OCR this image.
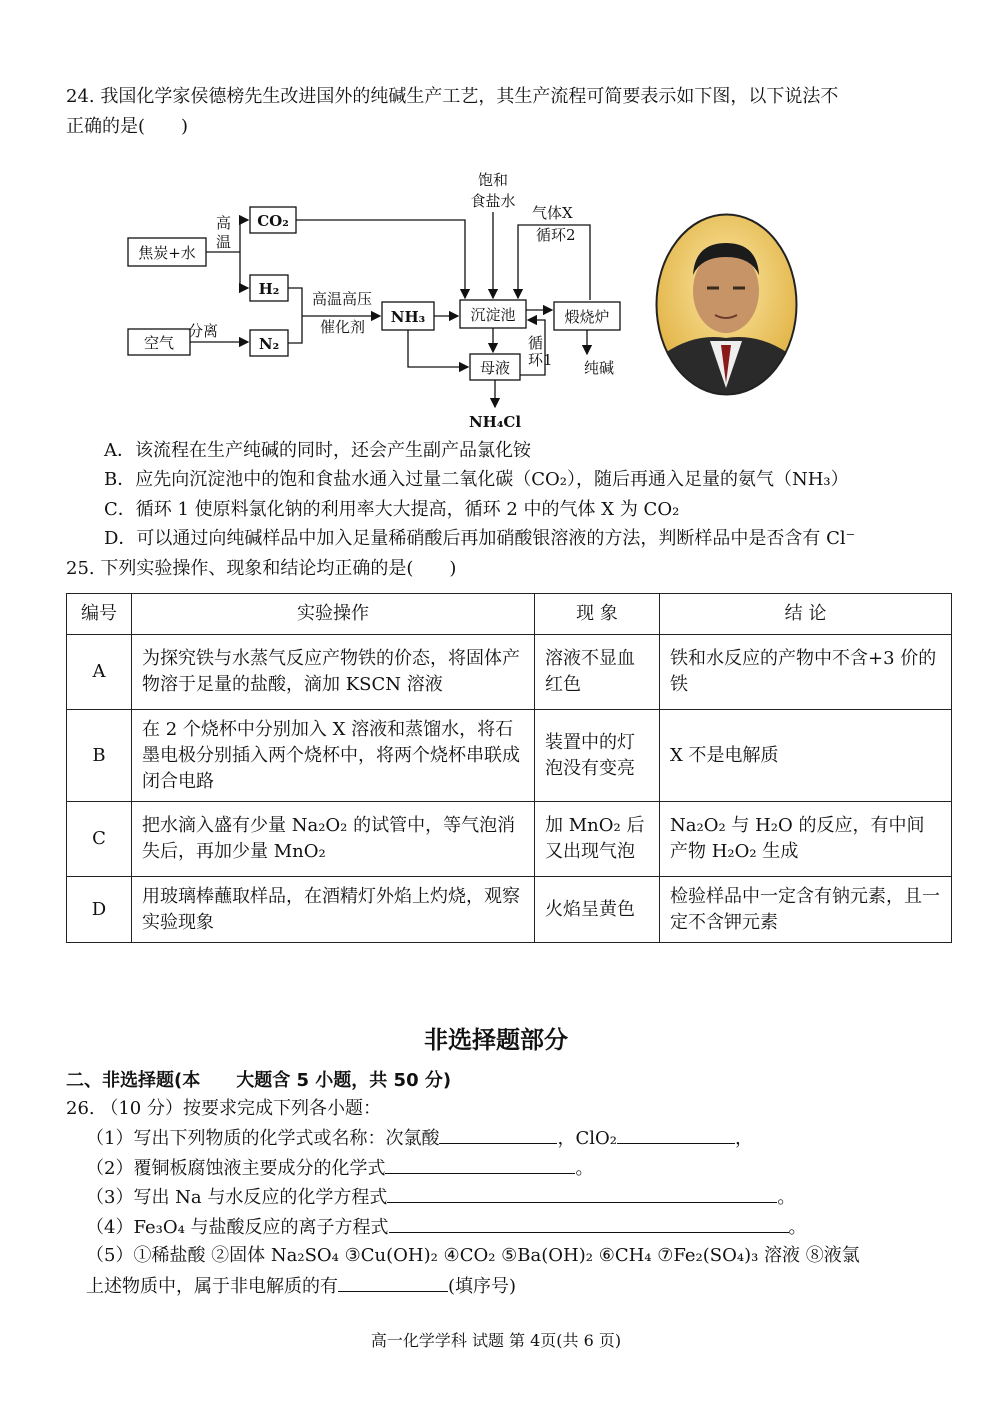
24. 我国化学家侯德榜先生改进国外的纯碱生产工艺，其生产流程可简要表示如下图，以下说法不
正确的是(　　)
焦炭+水
CO₂
H₂
空气	N₂
NH₃	沉淀池	煅烧炉
母液
高
温
分离
高温高压
催化剂
饱和
食盐水
气体X
循环2
纯碱
循
环1
NH₄Cl
A．该流程在生产纯碱的同时，还会产生副产品氯化铵
B．应先向沉淀池中的饱和食盐水通入过量二氧化碳（CO₂），随后再通入足量的氨气（NH₃）
C．循环 1 使原料氯化钠的利用率大大提高，循环 2 中的气体 X 为 CO₂
D．可以通过向纯碱样品中加入足量稀硝酸后再加硝酸银溶液的方法，判断样品中是否含有 Cl⁻
25. 下列实验操作、现象和结论均正确的是(　　)
编号	实验操作	现 象	结 论
A	为探究铁与水蒸气反应产物铁的价态，将固体产物溶于足量的盐酸，滴加 KSCN 溶液	溶液不显血红色	铁和水反应的产物中不含+3 价的铁
B	在 2 个烧杯中分别加入 X 溶液和蒸馏水，将石墨电极分别插入两个烧杯中，将两个烧杯串联成闭合电路	装置中的灯泡没有变亮	X 不是电解质
C	把水滴入盛有少量 Na₂O₂ 的试管中，等气泡消失后，再加少量 MnO₂	加 MnO₂ 后又出现气泡	Na₂O₂ 与 H₂O 的反应，有中间产物 H₂O₂ 生成
D	用玻璃棒蘸取样品，在酒精灯外焰上灼烧，观察实验现象	火焰呈黄色	检验样品中一定含有钠元素，且一定不含钾元素
非选择题部分
二、非选择题(本　　大题含 5 小题，共 50 分)
26. （10 分）按要求完成下列各小题：
（1）写出下列物质的化学式或名称：次氯酸	，ClO₂	，
（2）覆铜板腐蚀液主要成分的化学式	。
（3）写出 Na 与水反应的化学方程式	。
（4）Fe₃O₄ 与盐酸反应的离子方程式	。
（5）①稀盐酸 ②固体 Na₂SO₄ ③Cu(OH)₂ ④CO₂ ⑤Ba(OH)₂ ⑥CH₄ ⑦Fe₂(SO₄)₃ 溶液 ⑧液氯
上述物质中，属于非电解质的有	(填序号)
高一化学学科 试题 第 4页(共 6 页)
